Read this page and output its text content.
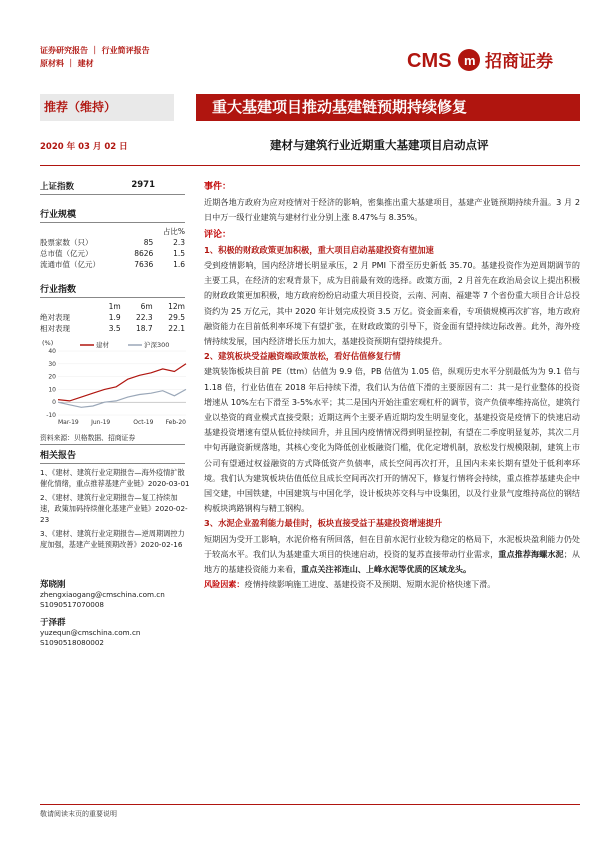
证券研究报告 ｜ 行业简评报告
原材料 ｜ 建材	CMS m 招商证券
推荐（维持）	重大基建项目推动基建链预期持续修复
2020 年 03 月 02 日	建材与建筑行业近期重大基建项目启动点评
上证指数	2971
行业规模
		占比%
股票家数（只）	85	2.3
总市值（亿元）	8626	1.5
流通市值（亿元）	7636	1.6
行业指数
	1m	6m	12m
绝对表现	1.9	22.3	29.5
相对表现	3.5	18.7	22.1
(%)	建材	沪深300
40
30
20
10
0
-10
Mar-19 Jun-19	Oct-19 Feb-20
资料来源：贝格数据、招商证券
相关报告
1、《建材、建筑行业定期报告—海外疫情扩散催化情绪，重点推荐基建产业链》2020-03-01
2、《建材、建筑行业定期报告—复工持续加速，政策加码持续催化基建产业链》2020-02-23
3、《建材、建筑行业定期报告—逆周期调控力度加强，基建产业链预期改善》2020-02-16
郑晓刚
zhengxiaogang@cmschina.com.cn
S1090517070008
于泽群
yuzequn@cmschina.com.cn
S1090518080002
事件：

近期各地方政府为应对疫情对于经济的影响，密集推出重大基建项目，基建产业链预期持续升温。3 月 2 日中万一级行业建筑与建材行业分别上涨 8.47%与 8.35%。

评论：
1、积极的财政政策更加积极，重大项目启动基建投资有望加速

受到疫情影响，国内经济增长明显承压，2 月 PMI 下滑至历史新低 35.70。基建投资作为逆周期调节的主要工具，在经济的宏观背景下，成为目前最有效的选择。政策方面，2 月首先在政治局会议上提出积极的财政政策更加积极，地方政府纷纷启动重大项目投资，云南、河南、福建等 7 个省份重大项目合计总投资约为 25 万亿元，其中 2020 年计划完成投资 3.5 万亿。资金面来看，专项债规模再次扩容，地方政府融资能力在目前低利率环境下有望扩张，在财政政策的引导下，资金面有望持续边际改善。此外，海外疫情持续发展，国内经济增长压力加大，基建投资预期有望持续提升。

2、建筑板块受益融资端政策放松，看好估值修复行情

建筑装饰板块目前 PE（ttm）估值为 9.9 倍，PB 估值为 1.05 倍，纵观历史水平分别最低为为 9.1 倍与 1.18 倍，行业估值在 2018 年后持续下滑，我们认为估值下滑的主要原因有二：其一是行业整体的投资增速从 10%左右下滑至 3-5%水平；其二是国内开始注重宏观杠杆的调节，资产负债率维持高位，建筑行业以垫资的商业模式直接受限；近期这两个主要矛盾近期均发生明显变化，基建投资是疫情下的快速启动基建投资增速有望从低位持续回升，并且国内疫情情况得到明显控制，有望在二季度明显复苏，其次二月中旬再融资新规落地，其核心变化为降低创业板融资门槛，优化定增机制，放松发行规模限制，建筑上市公司有望通过权益融资的方式降低资产负债率，成长空间再次打开，且国内未来长期有望处于低利率环境。我们认为建筑板块估值低位且成长空间再次打开的情况下，修复行情将会持续，重点推荐基建央企中国交建，中国铁建，中国建筑与中国化学，设计板块苏交科与中设集团，以及行业景气度维持高位的钢结构板块鸿路钢构与精工钢构。

3、水泥企业盈利能力最佳时，板块直接受益于基建投资增速提升

短期因为受开工影响，水泥价格有所回落，但在目前水泥行业较为稳定的格局下，水泥板块盈利能力仍处于较高水平。我们认为基建重大项目的快速启动，投资的复苏直接带动行业需求，重点推荐海螺水泥；从地方的基建投资能力来看，重点关注祁连山、上峰水泥等优质的区域龙头。

风险因素：疫情持续影响施工进度、基建投资不及预期、短期水泥价格快速下滑。

敬请阅读末页的重要说明
